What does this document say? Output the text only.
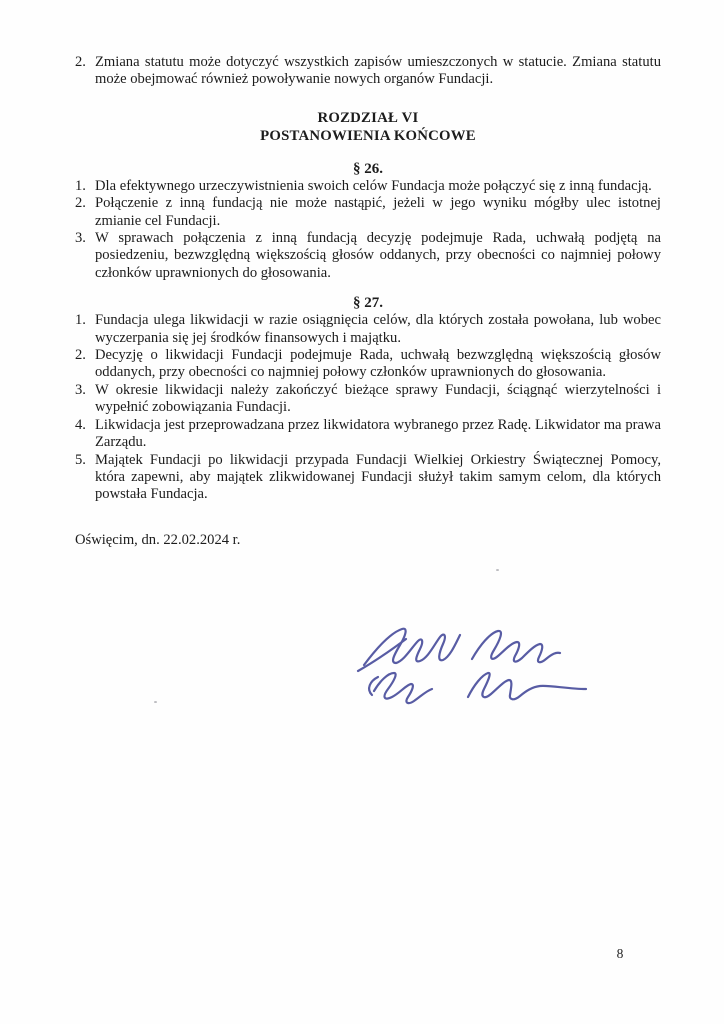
2. Zmiana statutu może dotyczyć wszystkich zapisów umieszczonych w statucie. Zmiana statutu może obejmować również powoływanie nowych organów Fundacji.
ROZDZIAŁ VI
POSTANOWIENIA KOŃCOWE
§ 26.
1. Dla efektywnego urzeczywistnienia swoich celów Fundacja może połączyć się z inną fundacją.
2. Połączenie z inną fundacją nie może nastąpić, jeżeli w jego wyniku mógłby ulec istotnej zmianie cel Fundacji.
3. W sprawach połączenia z inną fundacją decyzję podejmuje Rada, uchwałą podjętą na posiedzeniu, bezwzględną większością głosów oddanych, przy obecności co najmniej połowy członków uprawnionych do głosowania.
§ 27.
1. Fundacja ulega likwidacji w razie osiągnięcia celów, dla których została powołana, lub wobec wyczerpania się jej środków finansowych i majątku.
2. Decyzję o likwidacji Fundacji podejmuje Rada, uchwałą bezwzględną większością głosów oddanych, przy obecności co najmniej połowy członków uprawnionych do głosowania.
3. W okresie likwidacji należy zakończyć bieżące sprawy Fundacji, ściągnąć wierzytelności i wypełnić zobowiązania Fundacji.
4. Likwidacja jest przeprowadzana przez likwidatora wybranego przez Radę. Likwidator ma prawa Zarządu.
5. Majątek Fundacji po likwidacji przypada Fundacji Wielkiej Orkiestry Świątecznej Pomocy, która zapewni, aby majątek zlikwidowanej Fundacji służył takim samym celom, dla których powstała Fundacja.
Oświęcim, dn. 22.02.2024 r.
8
